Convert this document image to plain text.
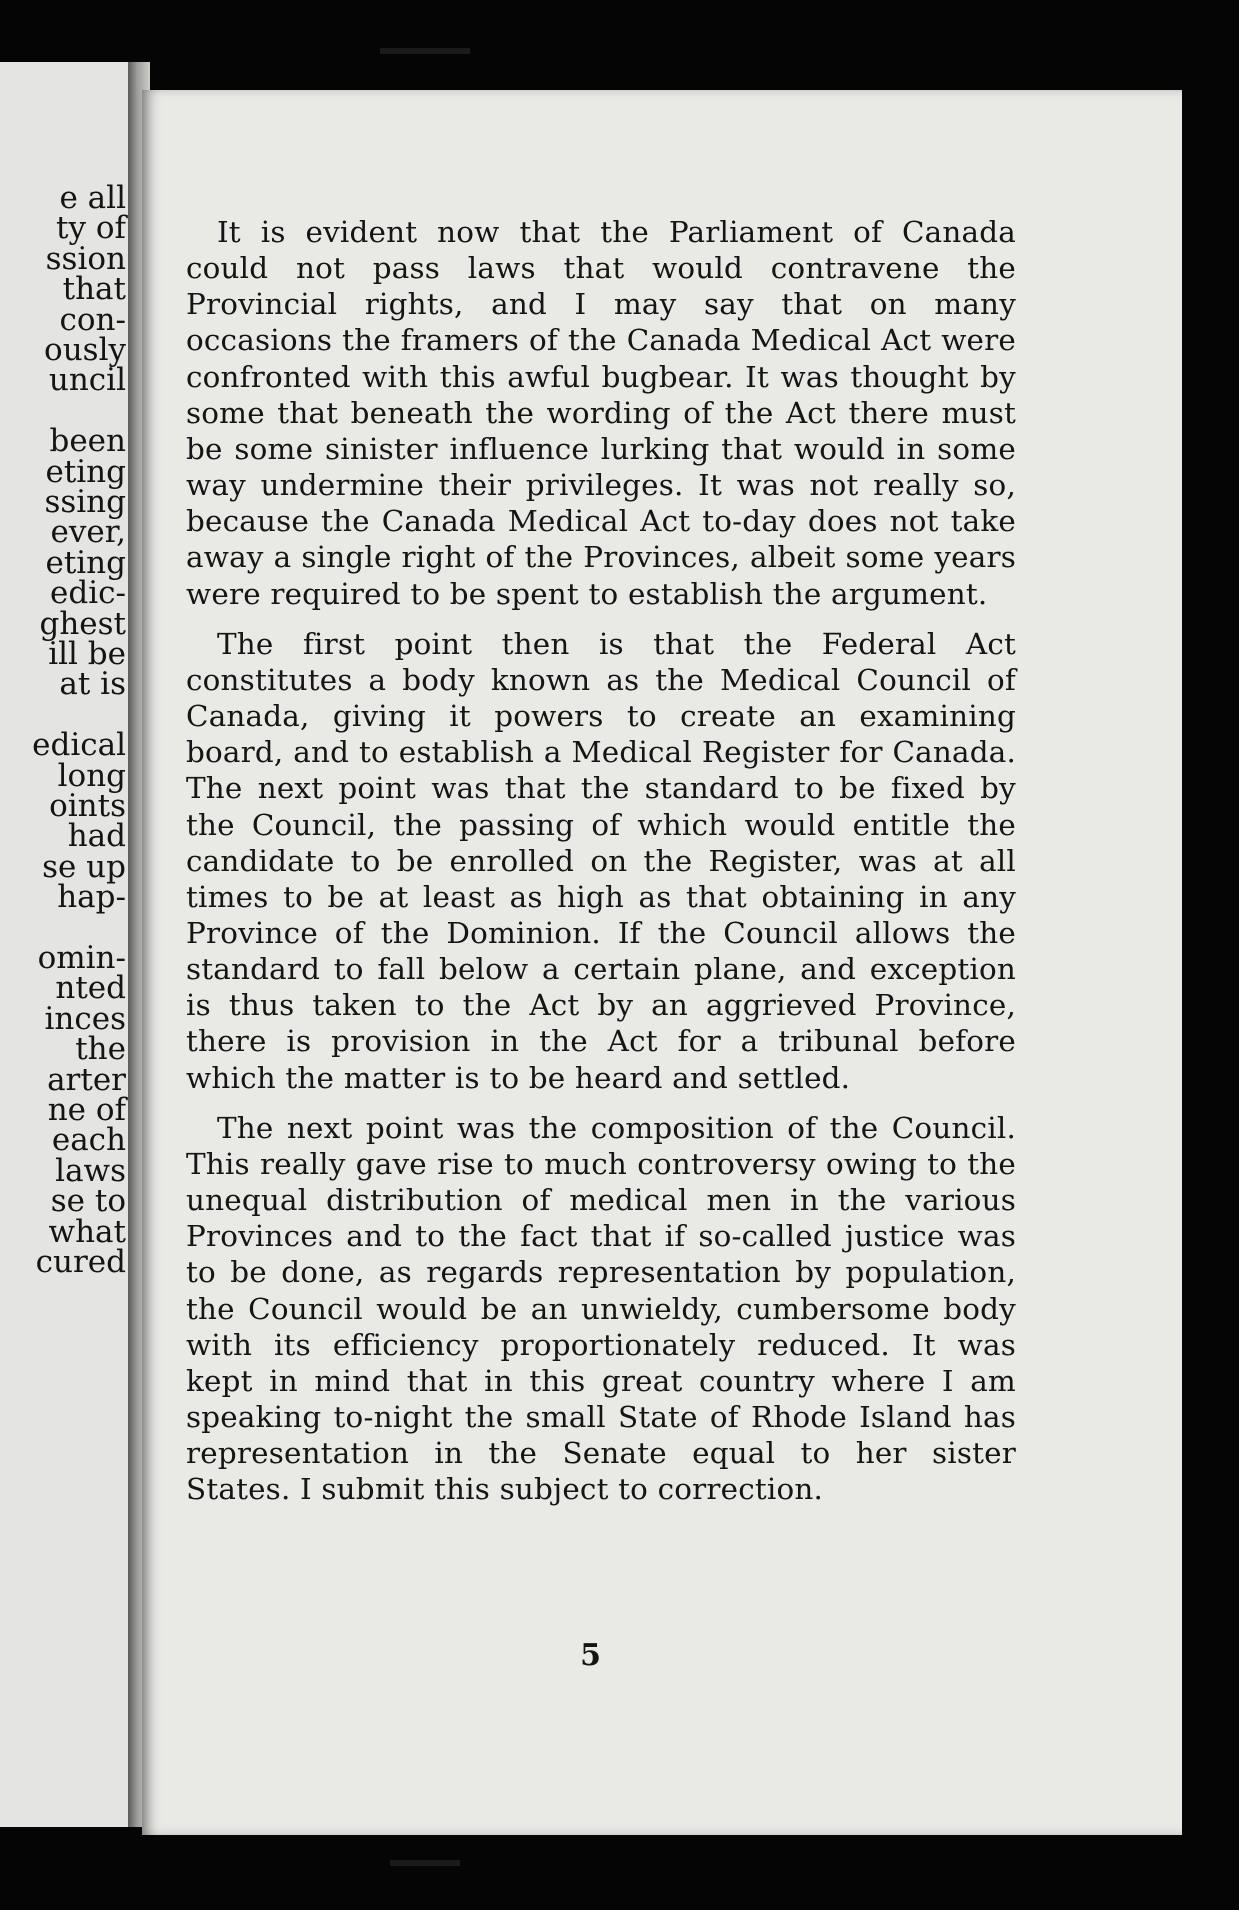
e all
ty of
ssion
that
con-
ously
uncil
been
eting
ssing
ever,
eting
edic-
ghest
ill be
at is
edical
long
oints
had
se up
hap-
omin-
nted
inces
the
arter
ne of
each
laws
se to
what
cured

It is evident now that the Parliament of Canada could not pass laws that would contravene the Provincial rights, and I may say that on many occasions the framers of the Canada Medical Act were confronted with this awful bugbear. It was thought by some that beneath the wording of the Act there must be some sinister influence lurking that would in some way undermine their privileges. It was not really so, because the Canada Medical Act to-day does not take away a single right of the Provinces, albeit some years were required to be spent to establish the argument.

The first point then is that the Federal Act constitutes a body known as the Medical Council of Canada, giving it powers to create an examining board, and to establish a Medical Register for Canada. The next point was that the standard to be fixed by the Council, the passing of which would entitle the candidate to be enrolled on the Register, was at all times to be at least as high as that obtaining in any Province of the Dominion. If the Council allows the standard to fall below a certain plane, and exception is thus taken to the Act by an aggrieved Province, there is provision in the Act for a tribunal before which the matter is to be heard and settled.

The next point was the composition of the Council. This really gave rise to much controversy owing to the unequal distribution of medical men in the various Provinces and to the fact that if so-called justice was to be done, as regards representation by population, the Council would be an unwieldy, cumbersome body with its efficiency proportionately reduced. It was kept in mind that in this great country where I am speaking to-night the small State of Rhode Island has representation in the Senate equal to her sister States. I submit this subject to correction.

5
